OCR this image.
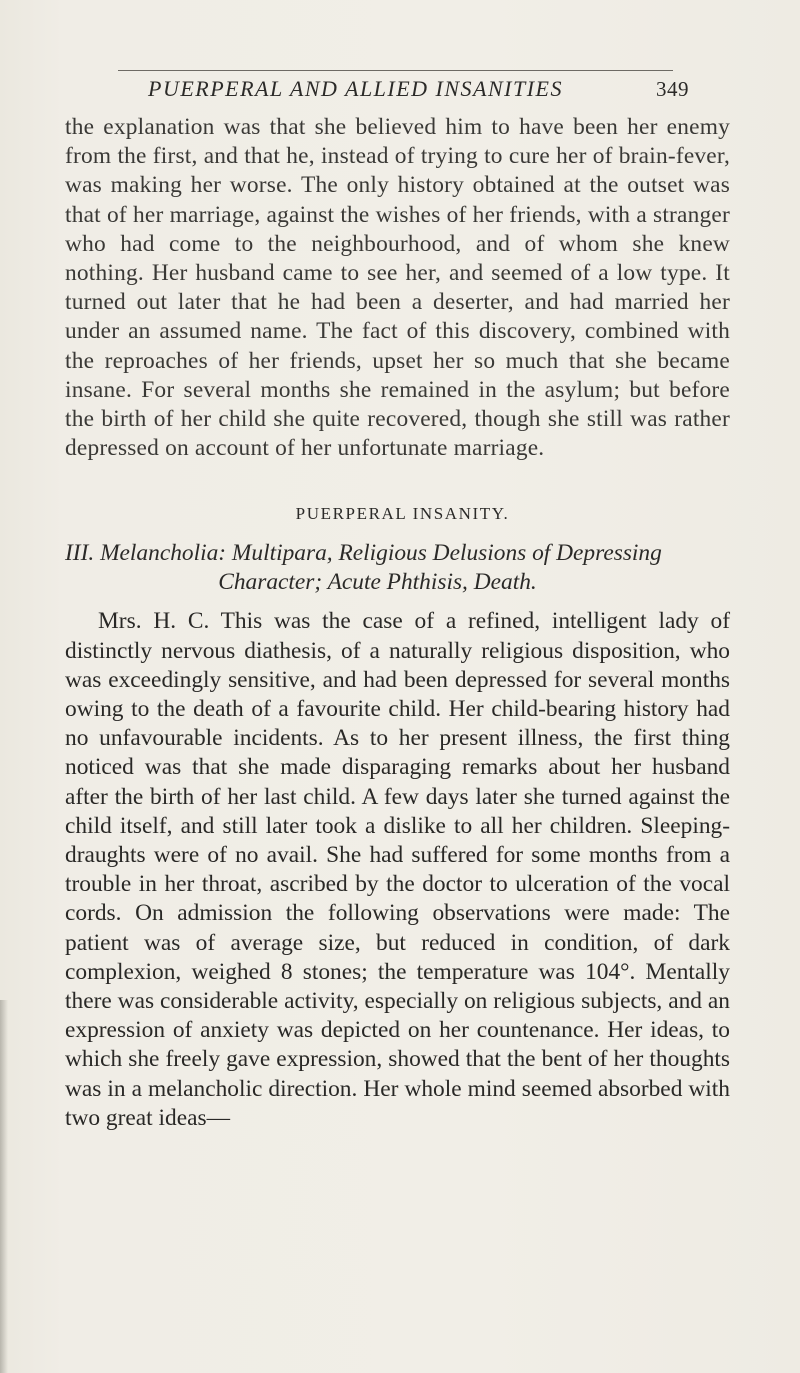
PUERPERAL AND ALLIED INSANITIES	349

the explanation was that she believed him to have been her enemy from the first, and that he, instead of trying to cure her of brain-fever, was making her worse. The only history obtained at the outset was that of her marriage, against the wishes of her friends, with a stranger who had come to the neighbourhood, and of whom she knew nothing. Her husband came to see her, and seemed of a low type. It turned out later that he had been a deserter, and had married her under an assumed name. The fact of this discovery, combined with the reproaches of her friends, upset her so much that she became insane. For several months she remained in the asylum; but before the birth of her child she quite recovered, though she still was rather depressed on account of her unfortunate marriage.

PUERPERAL INSANITY.
III. Melancholia: Multipara, Religious Delusions of Depressing
Character; Acute Phthisis, Death.

Mrs. H. C. This was the case of a refined, intelligent lady of distinctly nervous diathesis, of a naturally religious disposition, who was exceedingly sensitive, and had been depressed for several months owing to the death of a favourite child. Her child-bearing history had no unfavourable incidents. As to her present illness, the first thing noticed was that she made disparaging remarks about her husband after the birth of her last child. A few days later she turned against the child itself, and still later took a dislike to all her children. Sleeping-draughts were of no avail. She had suffered for some months from a trouble in her throat, ascribed by the doctor to ulceration of the vocal cords. On admission the following observations were made: The patient was of average size, but reduced in condition, of dark complexion, weighed 8 stones; the temperature was 104°. Mentally there was considerable activity, especially on religious subjects, and an expression of anxiety was depicted on her countenance. Her ideas, to which she freely gave expression, showed that the bent of her thoughts was in a melancholic direction. Her whole mind seemed absorbed with two great ideas—
